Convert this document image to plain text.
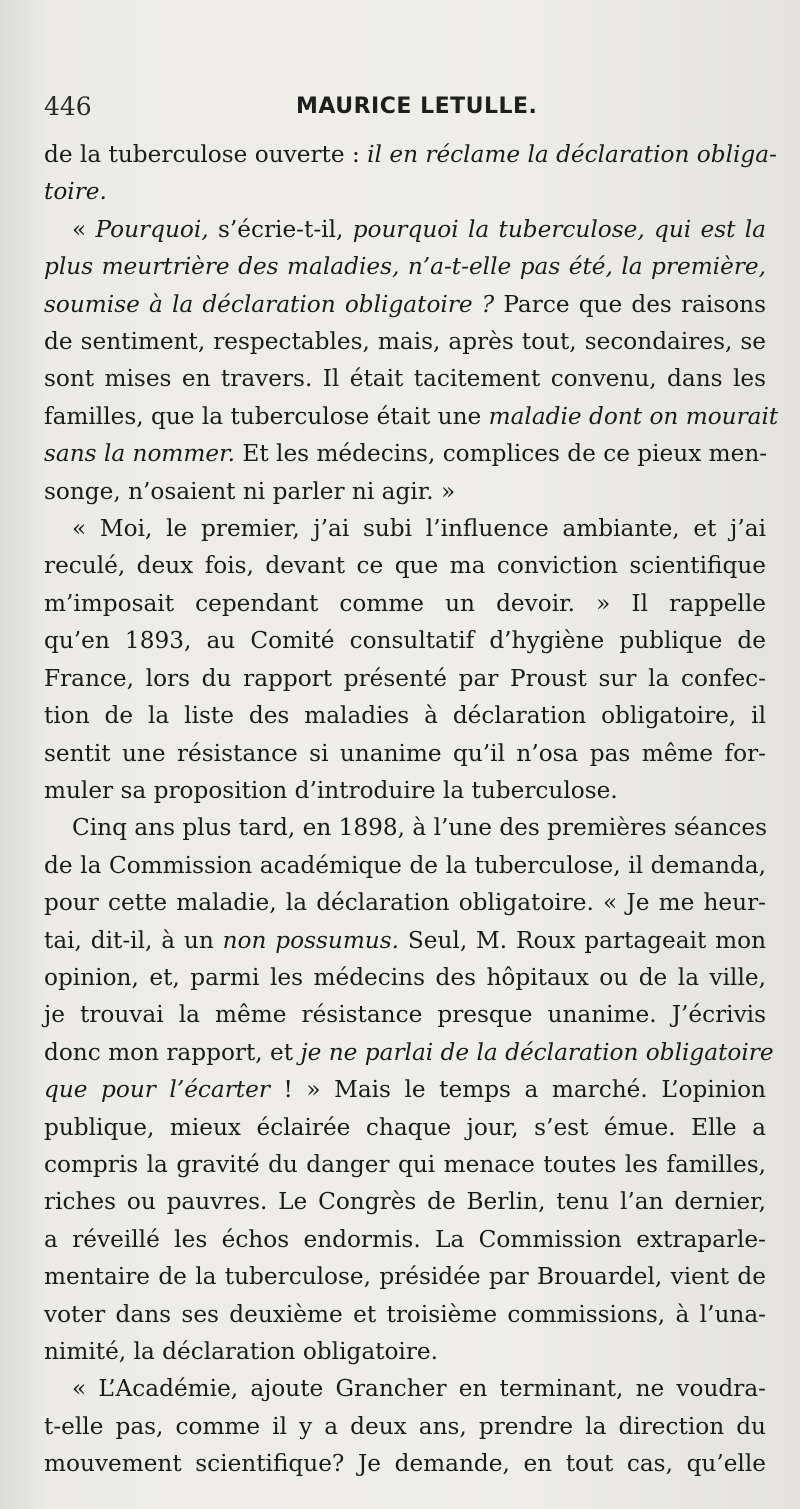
446	MAURICE LETULLE.
de la tuberculose ouverte : il en réclame la déclaration obliga-
toire.
« Pourquoi, s’écrie-t-il, pourquoi la tuberculose, qui est la
plus meurtrière des maladies, n’a-t-elle pas été, la première,
soumise à la déclaration obligatoire ? Parce que des raisons
de sentiment, respectables, mais, après tout, secondaires, se
sont mises en travers. Il était tacitement convenu, dans les
familles, que la tuberculose était une maladie dont on mourait
sans la nommer. Et les médecins, complices de ce pieux men-
songe, n’osaient ni parler ni agir. »
« Moi, le premier, j’ai subi l’influence ambiante, et j’ai
reculé, deux fois, devant ce que ma conviction scientifique
m’imposait cependant comme un devoir. » Il rappelle
qu’en 1893, au Comité consultatif d’hygiène publique de
France, lors du rapport présenté par Proust sur la confec-
tion de la liste des maladies à déclaration obligatoire, il
sentit une résistance si unanime qu’il n’osa pas même for-
muler sa proposition d’introduire la tuberculose.
Cinq ans plus tard, en 1898, à l’une des premières séances
de la Commission académique de la tuberculose, il demanda,
pour cette maladie, la déclaration obligatoire. « Je me heur-
tai, dit-il, à un non possumus. Seul, M. Roux partageait mon
opinion, et, parmi les médecins des hôpitaux ou de la ville,
je trouvai la même résistance presque unanime. J’écrivis
donc mon rapport, et je ne parlai de la déclaration obligatoire
que pour l’écarter ! » Mais le temps a marché. L’opinion
publique, mieux éclairée chaque jour, s’est émue. Elle a
compris la gravité du danger qui menace toutes les familles,
riches ou pauvres. Le Congrès de Berlin, tenu l’an dernier,
a réveillé les échos endormis. La Commission extraparle-
mentaire de la tuberculose, présidée par Brouardel, vient de
voter dans ses deuxième et troisième commissions, à l’una-
nimité, la déclaration obligatoire.
« L’Académie, ajoute Grancher en terminant, ne voudra-
t-elle pas, comme il y a deux ans, prendre la direction du
mouvement scientifique? Je demande, en tout cas, qu’elle
